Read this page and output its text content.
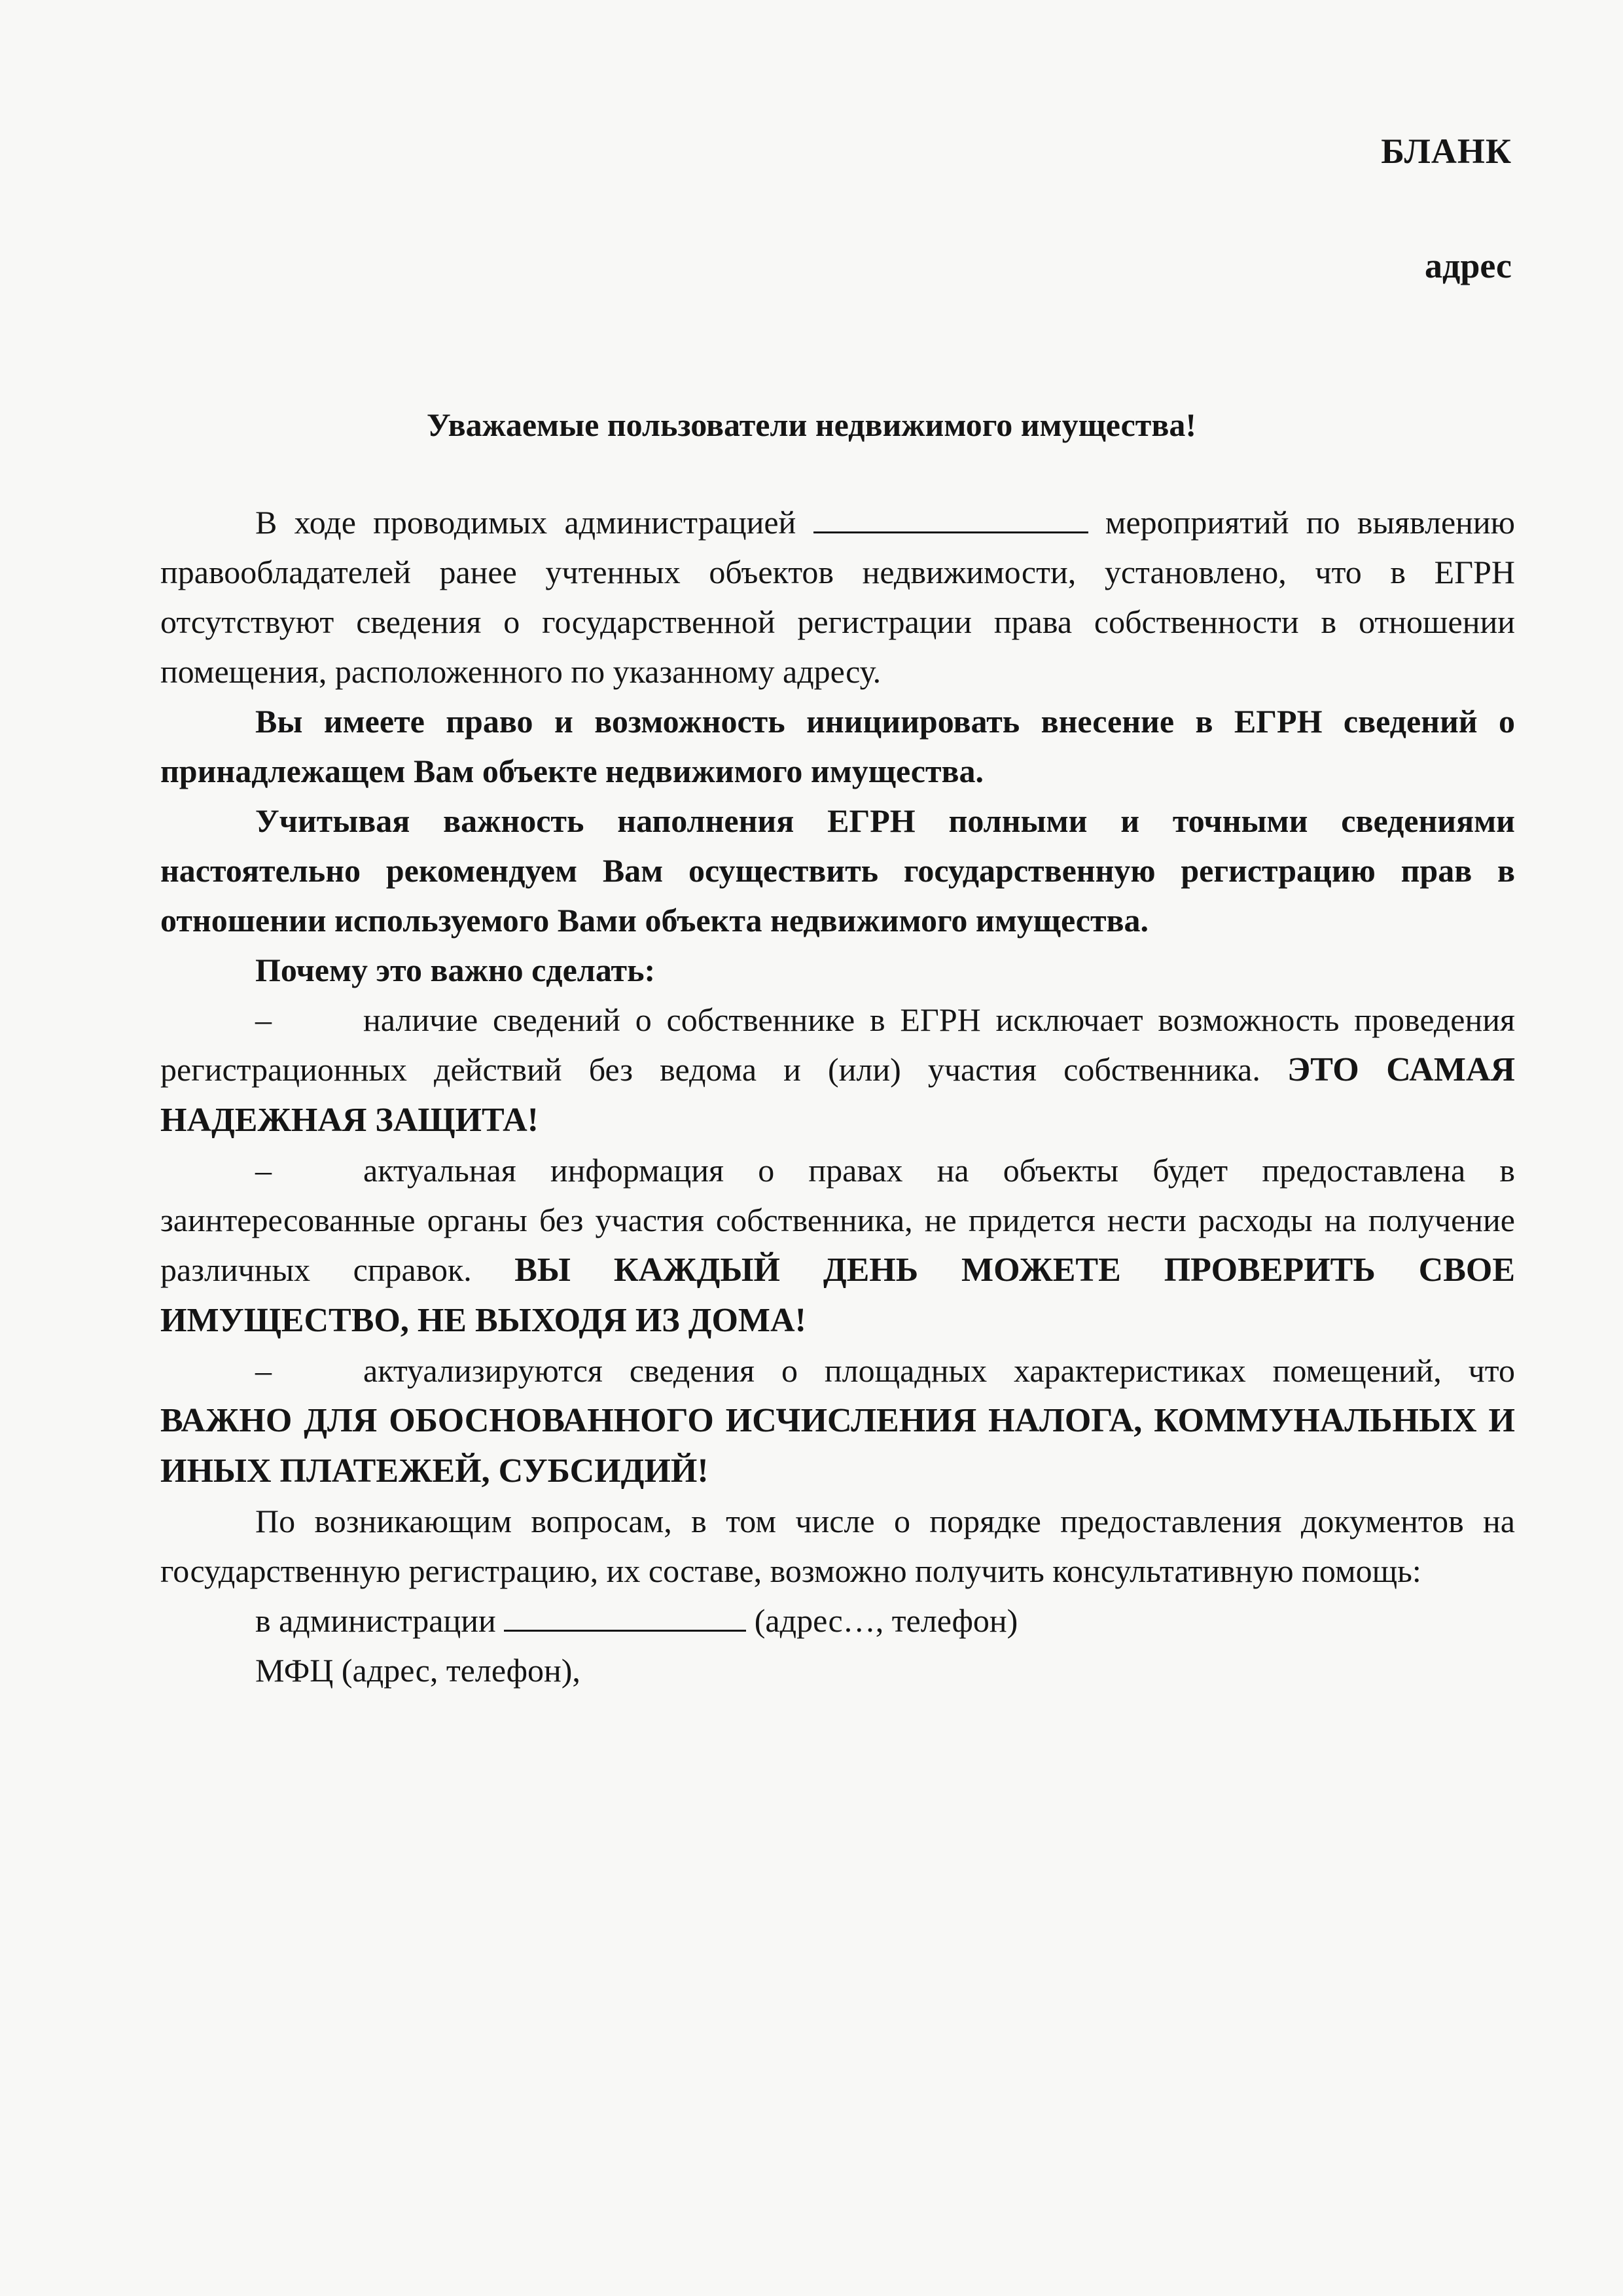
БЛАНК
адрес
Уважаемые пользователи недвижимого имущества!

В ходе проводимых администрацией	мероприятий по выявлению правообладателей ранее учтенных объектов недвижимости, установлено, что в ЕГРН отсутствуют сведения о государственной регистрации права собственности в отношении помещения, расположенного по указанному адресу.

Вы имеете право и возможность инициировать внесение в ЕГРН сведений о принадлежащем Вам объекте недвижимого имущества.

Учитывая важность наполнения ЕГРН полными и точными сведениями настоятельно рекомендуем Вам осуществить государственную регистрацию прав в отношении используемого Вами объекта недвижимого имущества.

Почему это важно сделать:

–	наличие сведений о собственнике в ЕГРН исключает возможность проведения регистрационных действий без ведома и (или) участия собственника. ЭТО САМАЯ НАДЕЖНАЯ ЗАЩИТА!

–	актуальная информация о правах на объекты будет предоставлена в заинтересованные органы без участия собственника, не придется нести расходы на получение различных справок. ВЫ КАЖДЫЙ ДЕНЬ МОЖЕТЕ ПРОВЕРИТЬ СВОЕ ИМУЩЕСТВО, НЕ ВЫХОДЯ ИЗ ДОМА!

–	актуализируются сведения о площадных характеристиках помещений, что ВАЖНО ДЛЯ ОБОСНОВАННОГО ИСЧИСЛЕНИЯ НАЛОГА, КОММУНАЛЬНЫХ И ИНЫХ ПЛАТЕЖЕЙ, СУБСИДИЙ!

По возникающим вопросам, в том числе о порядке предоставления документов на государственную регистрацию, их составе, возможно получить консультативную помощь:

в администрации	(адрес…, телефон)

МФЦ (адрес, телефон),
